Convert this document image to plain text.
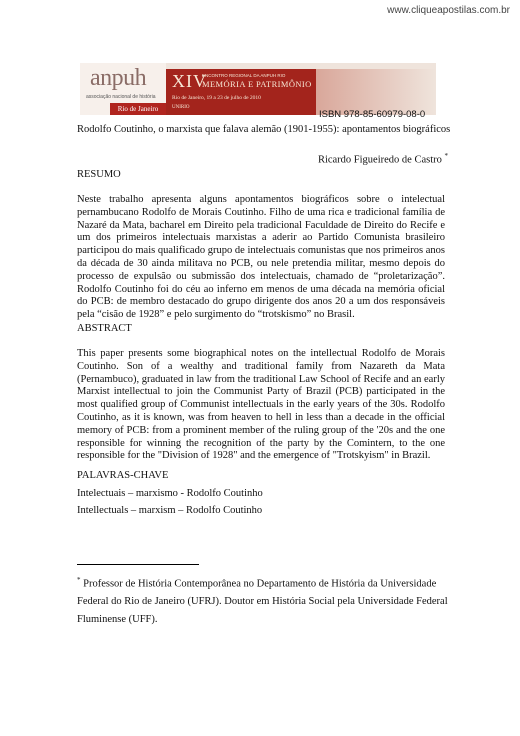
www.cliqueapostilas.com.br
anpuh
associação nacional de história
Rio de Janeiro
XIV
ENCONTRO REGIONAL DA ANPUH RIO
MEMÓRIA E PATRIMÔNIO
Rio de Janeiro, 19 a 23 de julho de 2010
UNIRIO
ISBN 978-85-60979-08-0
Rodolfo Coutinho, o marxista que falava alemão (1901-1955): apontamentos biográficos
Ricardo Figueiredo de Castro *
RESUMO

Neste trabalho apresenta alguns apontamentos biográficos sobre o intelectual pernambucano Rodolfo de Morais Coutinho. Filho de uma rica e tradicional família de Nazaré da Mata, bacharel em Direito pela tradicional Faculdade de Direito do Recife e um dos primeiros intelectuais marxistas a aderir ao Partido Comunista brasileiro participou do mais qualificado grupo de intelectuais comunistas que nos primeiros anos da década de 30 ainda militava no PCB, ou nele pretendia militar, mesmo depois do processo de expulsão ou submissão dos intelectuais, chamado de “proletarização”. Rodolfo Coutinho foi do céu ao inferno em menos de uma década na memória oficial do PCB: de membro destacado do grupo dirigente dos anos 20 a um dos responsáveis pela “cisão de 1928” e pelo surgimento do “trotskismo” no Brasil.

ABSTRACT

This paper presents some biographical notes on the intellectual Rodolfo de Morais Coutinho. Son of a wealthy and traditional family from Nazareth da Mata (Pernambuco), graduated in law from the traditional Law School of Recife and an early Marxist intellectual to join the Communist Party of Brazil (PCB) participated in the most qualified group of Communist intellectuals in the early years of the 30s. Rodolfo Coutinho, as it is known, was from heaven to hell in less than a decade in the official memory of PCB: from a prominent member of the ruling group of the '20s and the one responsible for winning the recognition of the party by the Comintern, to the one responsible for the "Division of 1928" and the emergence of "Trotskyism" in Brazil.

PALAVRAS-CHAVE
Intelectuais – marxismo - Rodolfo Coutinho
Intellectuals – marxism – Rodolfo Coutinho

* Professor de História Contemporânea no Departamento de História da Universidade Federal do Rio de Janeiro (UFRJ). Doutor em História Social pela Universidade Federal Fluminense (UFF).
